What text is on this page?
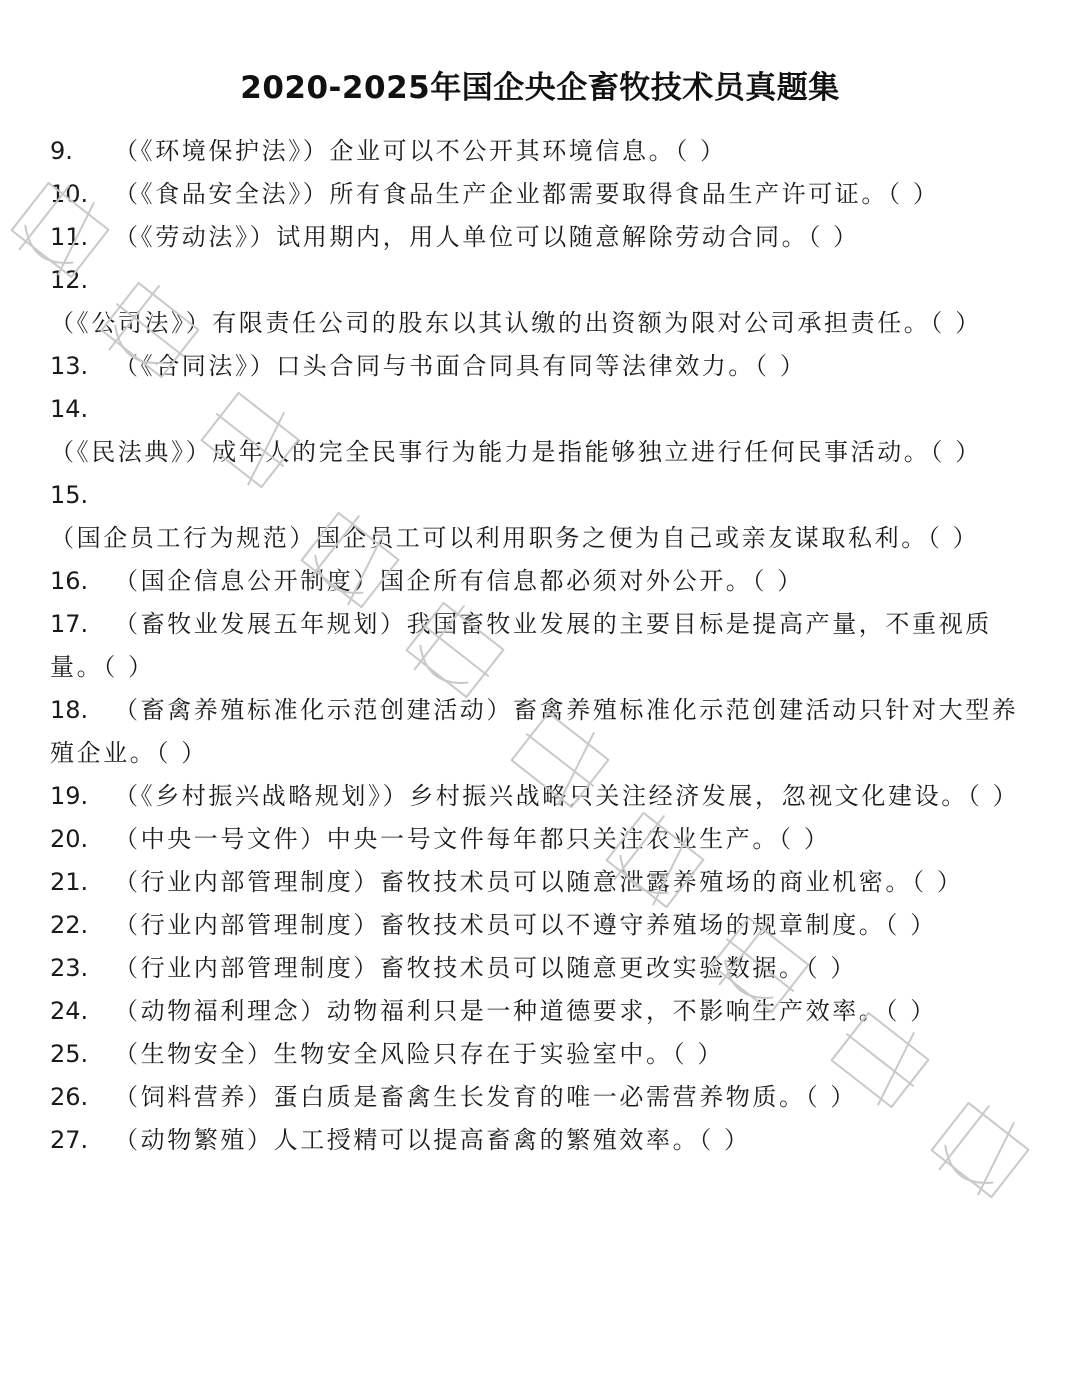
2020-2025年国企央企畜牧技术员真题集

9. （《环境保护法》）企业可以不公开其环境信息。（ ）

10. （《食品安全法》）所有食品生产企业都需要取得食品生产许可证。（ ）

11. （《劳动法》）试用期内，用人单位可以随意解除劳动合同。（ ）

12.（《公司法》）有限责任公司的股东以其认缴的出资额为限对公司承担责任。（ ）

13. （《合同法》）口头合同与书面合同具有同等法律效力。（ ）

14.（《民法典》）成年人的完全民事行为能力是指能够独立进行任何民事活动。（ ）

15.（国企员工行为规范）国企员工可以利用职务之便为自己或亲友谋取私利。（ ）

16. （国企信息公开制度）国企所有信息都必须对外公开。（ ）

17. （畜牧业发展五年规划）我国畜牧业发展的主要目标是提高产量，不重视质量。（ ）

18. （畜禽养殖标准化示范创建活动）畜禽养殖标准化示范创建活动只针对大型养殖企业。（ ）

19. （《乡村振兴战略规划》）乡村振兴战略只关注经济发展，忽视文化建设。（ ）

20. （中央一号文件）中央一号文件每年都只关注农业生产。（ ）

21. （行业内部管理制度）畜牧技术员可以随意泄露养殖场的商业机密。（ ）

22. （行业内部管理制度）畜牧技术员可以不遵守养殖场的规章制度。（ ）

23. （行业内部管理制度）畜牧技术员可以随意更改实验数据。（ ）

24. （动物福利理念）动物福利只是一种道德要求，不影响生产效率。（ ）

25. （生物安全）生物安全风险只存在于实验室中。（ ）

26. （饲料营养）蛋白质是畜禽生长发育的唯一必需营养物质。（ ）

27. （动物繁殖）人工授精可以提高畜禽的繁殖效率。（ ）
